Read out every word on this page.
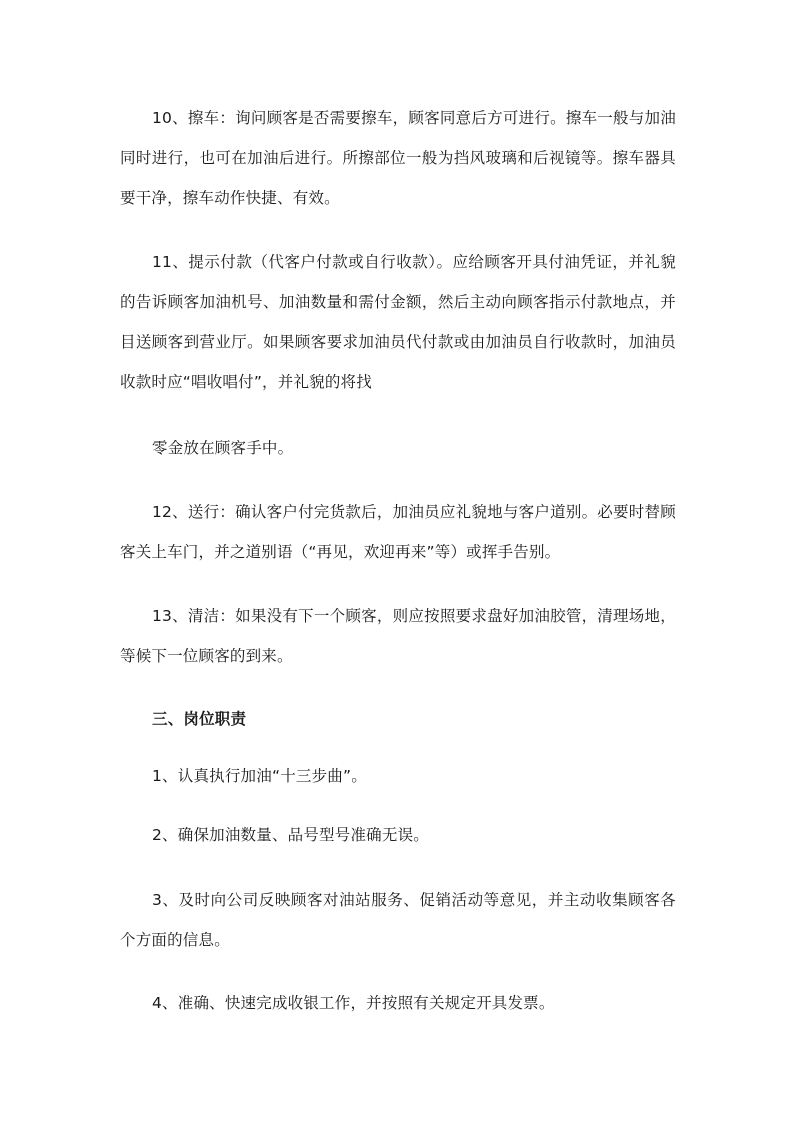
10、擦车：询问顾客是否需要擦车，顾客同意后方可进行。擦车一般与加油同时进行，也可在加油后进行。所擦部位一般为挡风玻璃和后视镜等。擦车器具要干净，擦车动作快捷、有效。

11、提示付款（代客户付款或自行收款）。应给顾客开具付油凭证，并礼貌的告诉顾客加油机号、加油数量和需付金额，然后主动向顾客指示付款地点，并目送顾客到营业厅。如果顾客要求加油员代付款或由加油员自行收款时，加油员收款时应“唱收唱付”，并礼貌的将找

零金放在顾客手中。

12、送行：确认客户付完货款后，加油员应礼貌地与客户道别。必要时替顾客关上车门，并之道别语（“再见，欢迎再来”等）或挥手告别。

13、清洁：如果没有下一个顾客，则应按照要求盘好加油胶管，清理场地，等候下一位顾客的到来。

三、岗位职责

1、认真执行加油“十三步曲”。

2、确保加油数量、品号型号准确无误。

3、及时向公司反映顾客对油站服务、促销活动等意见，并主动收集顾客各个方面的信息。

4、准确、快速完成收银工作，并按照有关规定开具发票。
